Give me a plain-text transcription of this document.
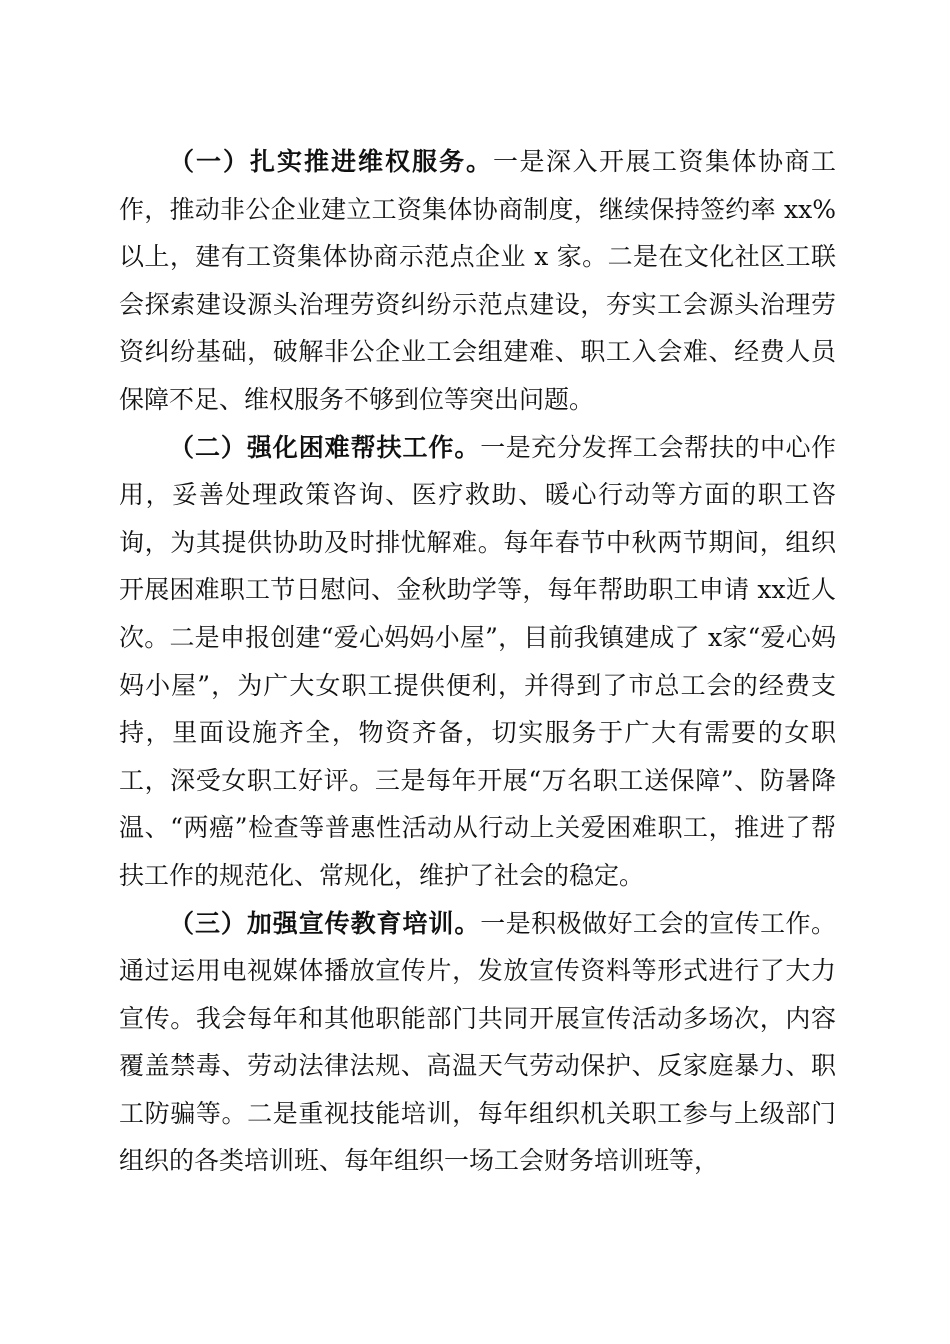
（一）扎实推进维权服务。一是深入开展工资集体协商工作，推动非公企业建立工资集体协商制度，继续保持签约率 xx%以上，建有工资集体协商示范点企业 x 家。二是在文化社区工联会探索建设源头治理劳资纠纷示范点建设，夯实工会源头治理劳资纠纷基础，破解非公企业工会组建难、职工入会难、经费人员保障不足、维权服务不够到位等突出问题。

（二）强化困难帮扶工作。一是充分发挥工会帮扶的中心作用，妥善处理政策咨询、医疗救助、暖心行动等方面的职工咨询，为其提供协助及时排忧解难。每年春节中秋两节期间，组织开展困难职工节日慰问、金秋助学等，每年帮助职工申请 xx近人次。二是申报创建“爱心妈妈小屋”，目前我镇建成了 x家“爱心妈妈小屋”，为广大女职工提供便利，并得到了市总工会的经费支持，里面设施齐全，物资齐备，切实服务于广大有需要的女职工，深受女职工好评。三是每年开展“万名职工送保障”、防暑降温、“两癌”检查等普惠性活动从行动上关爱困难职工，推进了帮扶工作的规范化、常规化，维护了社会的稳定。

（三）加强宣传教育培训。一是积极做好工会的宣传工作。通过运用电视媒体播放宣传片，发放宣传资料等形式进行了大力宣传。我会每年和其他职能部门共同开展宣传活动多场次，内容覆盖禁毒、劳动法律法规、高温天气劳动保护、反家庭暴力、职工防骗等。二是重视技能培训，每年组织机关职工参与上级部门组织的各类培训班、每年组织一场工会财务培训班等，
